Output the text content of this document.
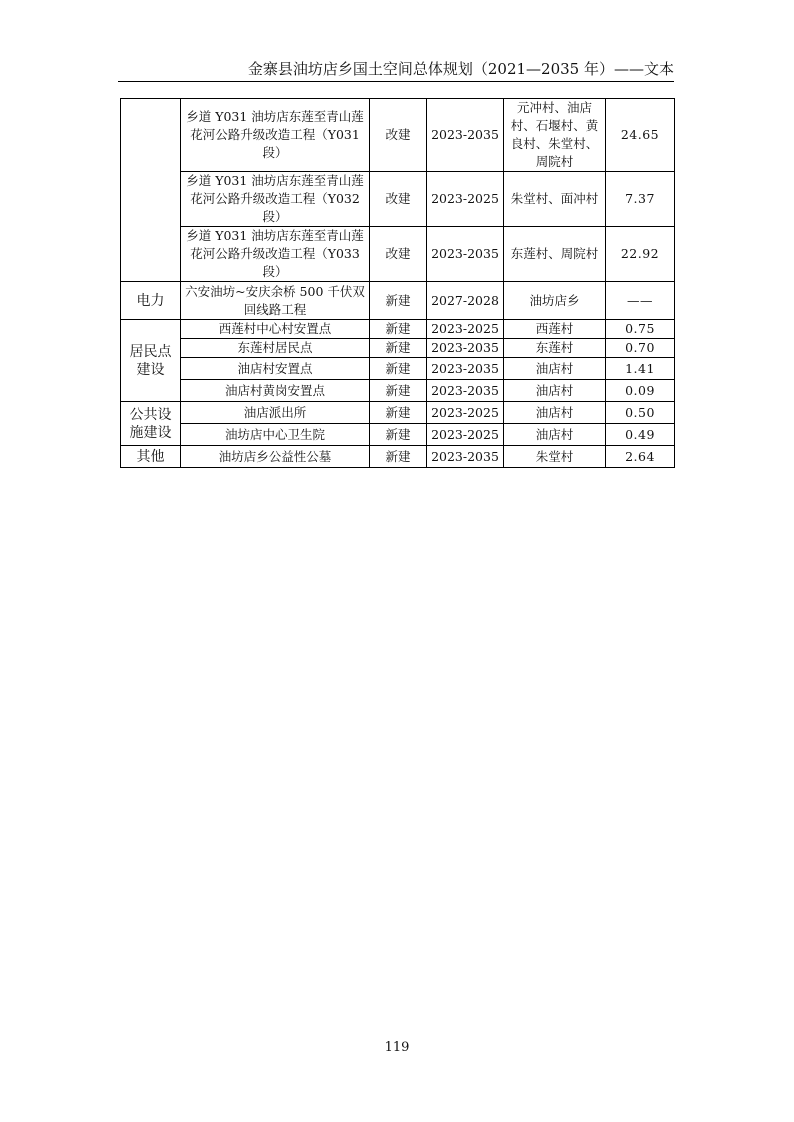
金寨县油坊店乡国土空间总体规划（2021—2035 年）——文本
	乡道 Y031 油坊店东莲至青山莲花河公路升级改造工程（Y031 段）	改建	2023-2035	元冲村、油店村、石堰村、黄良村、朱堂村、周院村	24.65
	乡道 Y031 油坊店东莲至青山莲花河公路升级改造工程（Y032 段）	改建	2023-2025	朱堂村、面冲村	7.37
	乡道 Y031 油坊店东莲至青山莲花河公路升级改造工程（Y033 段）	改建	2023-2035	东莲村、周院村	22.92
电力	六安油坊~安庆余桥 500 千伏双回线路工程	新建	2027-2028	油坊店乡	——
居民点建设	西莲村中心村安置点	新建	2023-2025	西莲村	0.75
	东莲村居民点	新建	2023-2035	东莲村	0.70
	油店村安置点	新建	2023-2035	油店村	1.41
	油店村黄岗安置点	新建	2023-2035	油店村	0.09
公共设施建设	油店派出所	新建	2023-2025	油店村	0.50
	油坊店中心卫生院	新建	2023-2025	油店村	0.49
其他	油坊店乡公益性公墓	新建	2023-2035	朱堂村	2.64
119
